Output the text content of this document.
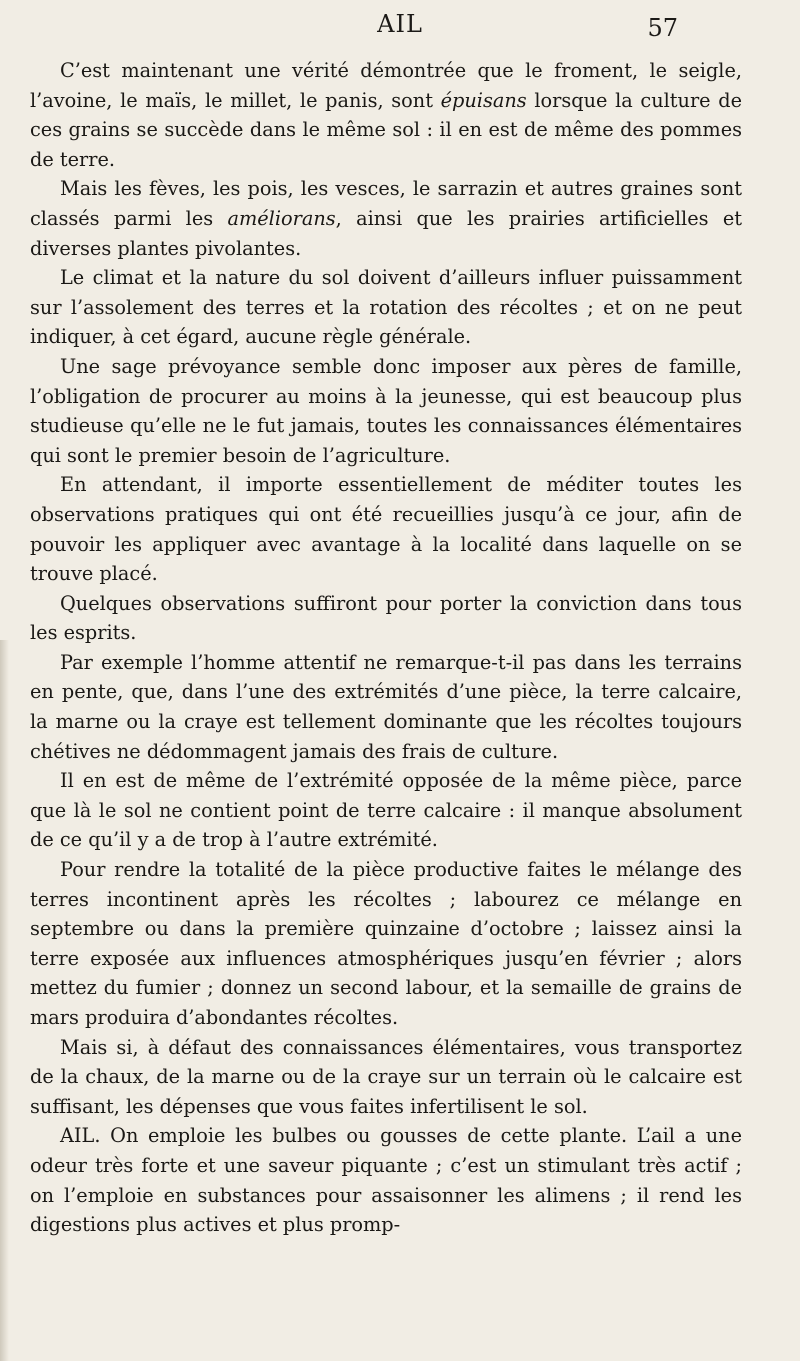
AIL	57

C’est maintenant une vérité démontrée que le froment, le seigle, l’avoine, le maïs, le millet, le panis, sont épuisans lorsque la culture de ces grains se succède dans le même sol : il en est de même des pommes de terre.

Mais les fèves, les pois, les vesces, le sarrazin et autres graines sont classés parmi les améliorans, ainsi que les prairies artificielles et diverses plantes pivolantes.

Le climat et la nature du sol doivent d’ailleurs influer puissamment sur l’assolement des terres et la rotation des récoltes ; et on ne peut indiquer, à cet égard, aucune règle générale.

Une sage prévoyance semble donc imposer aux pères de famille, l’obligation de procurer au moins à la jeunesse, qui est beaucoup plus studieuse qu’elle ne le fut jamais, toutes les connaissances élémentaires qui sont le premier besoin de l’agriculture.

En attendant, il importe essentiellement de méditer toutes les observations pratiques qui ont été recueillies jusqu’à ce jour, afin de pouvoir les appliquer avec avantage à la localité dans laquelle on se trouve placé.

Quelques observations suffiront pour porter la conviction dans tous les esprits.

Par exemple l’homme attentif ne remarque-t-il pas dans les terrains en pente, que, dans l’une des extrémités d’une pièce, la terre calcaire, la marne ou la craye est tellement dominante que les récoltes toujours chétives ne dédommagent jamais des frais de culture.

Il en est de même de l’extrémité opposée de la même pièce, parce que là le sol ne contient point de terre calcaire : il manque absolument de ce qu’il y a de trop à l’autre extrémité.

Pour rendre la totalité de la pièce productive faites le mélange des terres incontinent après les récoltes ; labourez ce mélange en septembre ou dans la première quinzaine d’octobre ; laissez ainsi la terre exposée aux influences atmosphériques jusqu’en février ; alors mettez du fumier ; donnez un second labour, et la semaille de grains de mars produira d’abondantes récoltes.

Mais si, à défaut des connaissances élémentaires, vous transportez de la chaux, de la marne ou de la craye sur un terrain où le calcaire est suffisant, les dépenses que vous faites infertilisent le sol.

AIL. On emploie les bulbes ou gousses de cette plante. L’ail a une odeur très forte et une saveur piquante ; c’est un stimulant très actif ; on l’emploie en substances pour assaisonner les alimens ; il rend les digestions plus actives et plus promp-
